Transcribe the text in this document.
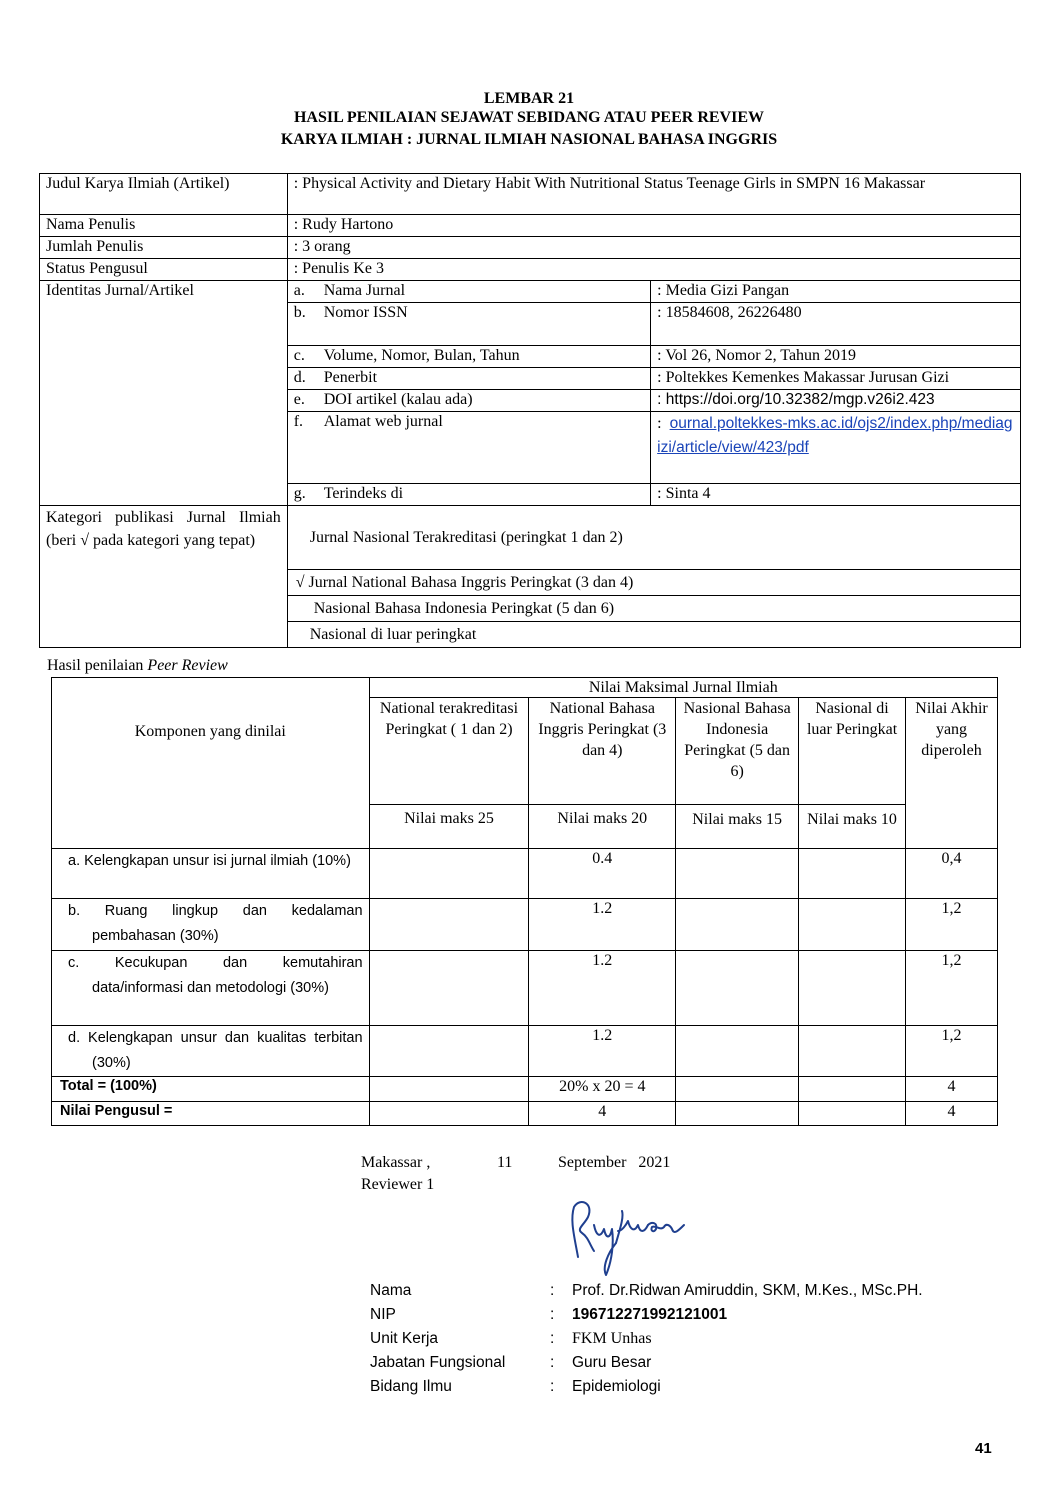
LEMBAR 21
HASIL PENILAIAN SEJAWAT SEBIDANG ATAU PEER REVIEW
KARYA ILMIAH : JURNAL ILMIAH NASIONAL BAHASA INGGRIS
Judul Karya Ilmiah (Artikel)	: Physical Activity and Dietary Habit With Nutritional Status Teenage Girls in SMPN 16 Makassar	
Nama Penulis	: Rudy Hartono	
Jumlah Penulis	: 3 orang	
Status Pengusul	: Penulis Ke 3	
Identitas Jurnal/Artikel	a. Nama Jurnal	: Media Gizi Pangan
	b. Nomor ISSN	: 18584608, 26226480
	c. Volume, Nomor, Bulan, Tahun	: Vol 26, Nomor 2, Tahun 2019
	d. Penerbit	: Poltekkes Kemenkes Makassar Jurusan Gizi
	e. DOI artikel (kalau ada)	: https://doi.org/10.32382/mgp.v26i2.423
	f. Alamat web jurnal	: ournal.poltekkes-mks.ac.id/ojs2/index.php/mediagizi/article/view/423/pdf
	g. Terindeks di	: Sinta 4
Kategori publikasi Jurnal Ilmiah (beri √ pada kategori yang tepat)	Jurnal Nasional Terakreditasi (peringkat 1 dan 2)	
	√ Jurnal National Bahasa Inggris Peringkat (3 dan 4)	
	Nasional Bahasa Indonesia Peringkat (5 dan 6)	
	Nasional di luar peringkat	
Hasil penilaian Peer Review
Komponen yang dinilai	Nilai Maksimal Jurnal Ilmiah				
	National terakreditasi Peringkat ( 1 dan 2)	National Bahasa Inggris Peringkat (3 dan 4)	Nasional Bahasa Indonesia Peringkat (5 dan 6)	Nasional di luar Peringkat	Nilai Akhir yang diperoleh
	Nilai maks 25	Nilai maks 20	Nilai maks 15	Nilai maks 10	
a. Kelengkapan unsur isi jurnal ilmiah (10%)		0.4			0,4
b. Ruang lingkup dan kedalaman pembahasan (30%)		1.2			1,2
c. Kecukupan dan kemutahiran data/informasi dan metodologi (30%)		1.2			1,2
d. Kelengkapan unsur dan kualitas terbitan (30%)		1.2			1,2
Total = (100%)		20% x 20 = 4			4
Nilai Pengusul =		4			4
Makassar ,	11	September   2021
Reviewer 1
Nama	: Prof. Dr.Ridwan Amiruddin, SKM, M.Kes., MSc.PH.
NIP	: 196712271992121001
Unit Kerja	: FKM Unhas
Jabatan Fungsional	: Guru Besar
Bidang Ilmu	: Epidemiologi
41
